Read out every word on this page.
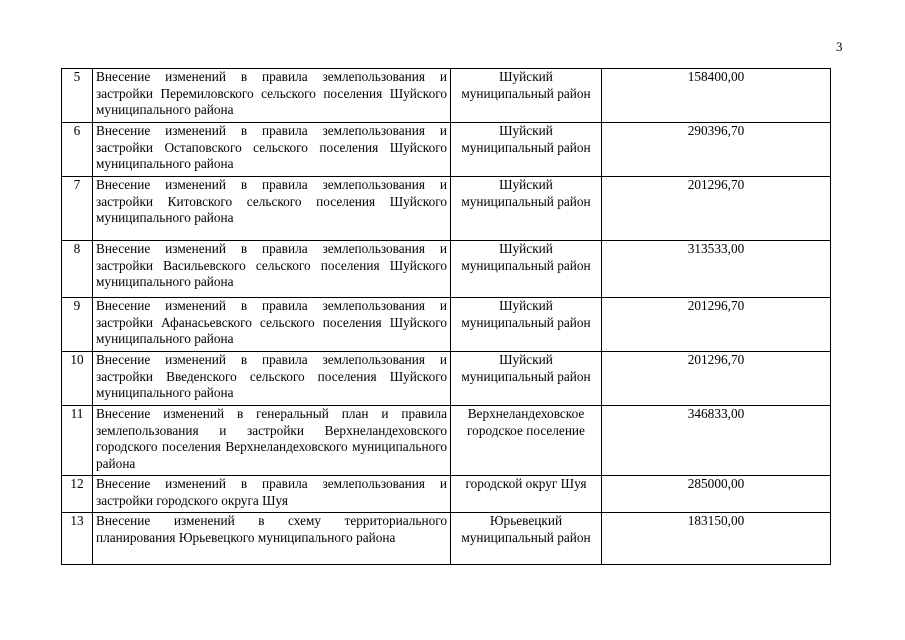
3
5	Внесение изменений в правила землепользования и застройки Перемиловского сельского поселения Шуйского муниципального района	Шуйский муниципальный район	158400,00
6	Внесение изменений в правила землепользования и застройки Остаповского сельского поселения Шуйского муниципального района	Шуйский муниципальный район	290396,70
7	Внесение изменений в правила землепользования и застройки Китовского сельского поселения Шуйского муниципального района	Шуйский муниципальный район	201296,70
8	Внесение изменений в правила землепользования и застройки Васильевского сельского поселения Шуйского муниципального района	Шуйский муниципальный район	313533,00
9	Внесение изменений в правила землепользования и застройки Афанасьевского сельского поселения Шуйского муниципального района	Шуйский муниципальный район	201296,70
10	Внесение изменений в правила землепользования и застройки Введенского сельского поселения Шуйского муниципального района	Шуйский муниципальный район	201296,70
11	Внесение изменений в генеральный план и правила землепользования и застройки Верхнеландеховского городского поселения Верхнеландеховского муниципального района	Верхнеландеховское городское поселение	346833,00
12	Внесение изменений в правила землепользования и застройки городского округа Шуя	городской округ Шуя	285000,00
13	Внесение изменений в схему территориального планирования Юрьевецкого муниципального района	Юрьевецкий муниципальный район	183150,00
